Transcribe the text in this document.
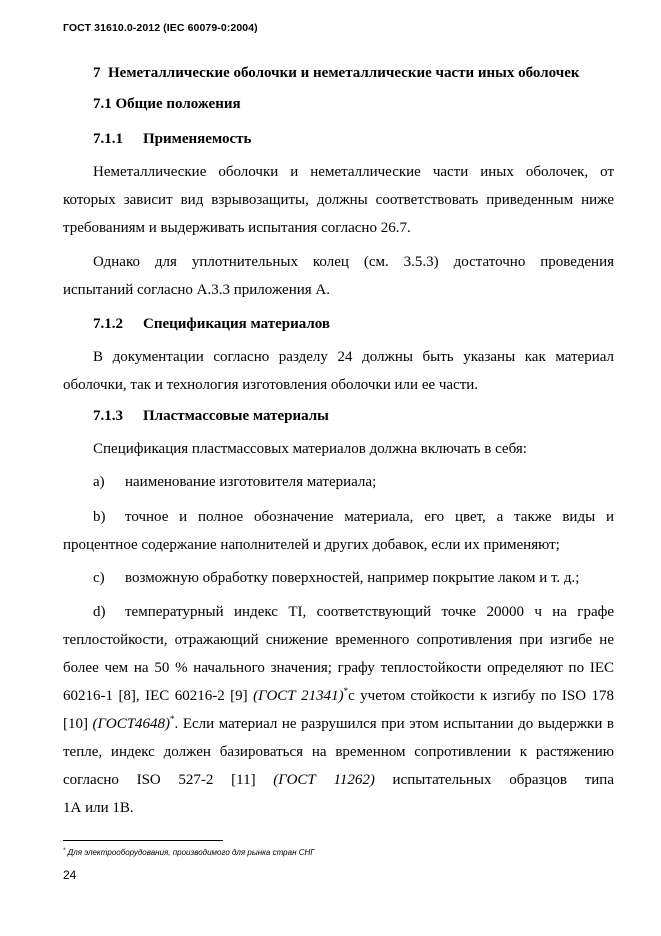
ГОСТ 31610.0-2012 (IEC 60079-0:2004)
7 Неметаллические оболочки и неметаллические части иных оболочек
7.1 Общие положения
7.1.1 Применяемость
Неметаллические оболочки и неметаллические части иных оболочек, от
которых зависит вид взрывозащиты, должны соответствовать приведенным ниже требованиям и выдерживать испытания согласно 26.7.
Однако для уплотнительных колец (см. 3.5.3) достаточно проведения
испытаний согласно А.3.3 приложения А.
7.1.2 Спецификация материалов
В документации согласно разделу 24 должны быть указаны как материал
оболочки, так и технология изготовления оболочки или ее части.
7.1.3 Пластмассовые материалы
Спецификация пластмассовых материалов должна включать в себя:
a) наименование изготовителя материала;
b) точное и полное обозначение материала, его цвет, а также виды и
процентное содержание наполнителей и других добавок, если их применяют;
c) возможную обработку поверхностей, например покрытие лаком и т. д.;
d) температурный индекс TI, соответствующий точке 20000 ч на графе
теплостойкости, отражающий снижение временного сопротивления при изгибе не более чем на 50 % начального значения; графу теплостойкости определяют по IEC 60216-1 [8], IEC 60216-2 [9] (ГОСТ 21341)*с учетом стойкости к изгибу по ISO 178 [10] (ГОСТ4648)*. Если материал не разрушился при этом испытании до выдержки в тепле, индекс должен базироваться на временном сопротивлении к растяжению согласно ISO 527-2 [11] (ГОСТ 11262) испытательных образцов типа
1А или 1В.
* Для электрооборудования, производимого для рынка стран СНГ
24
